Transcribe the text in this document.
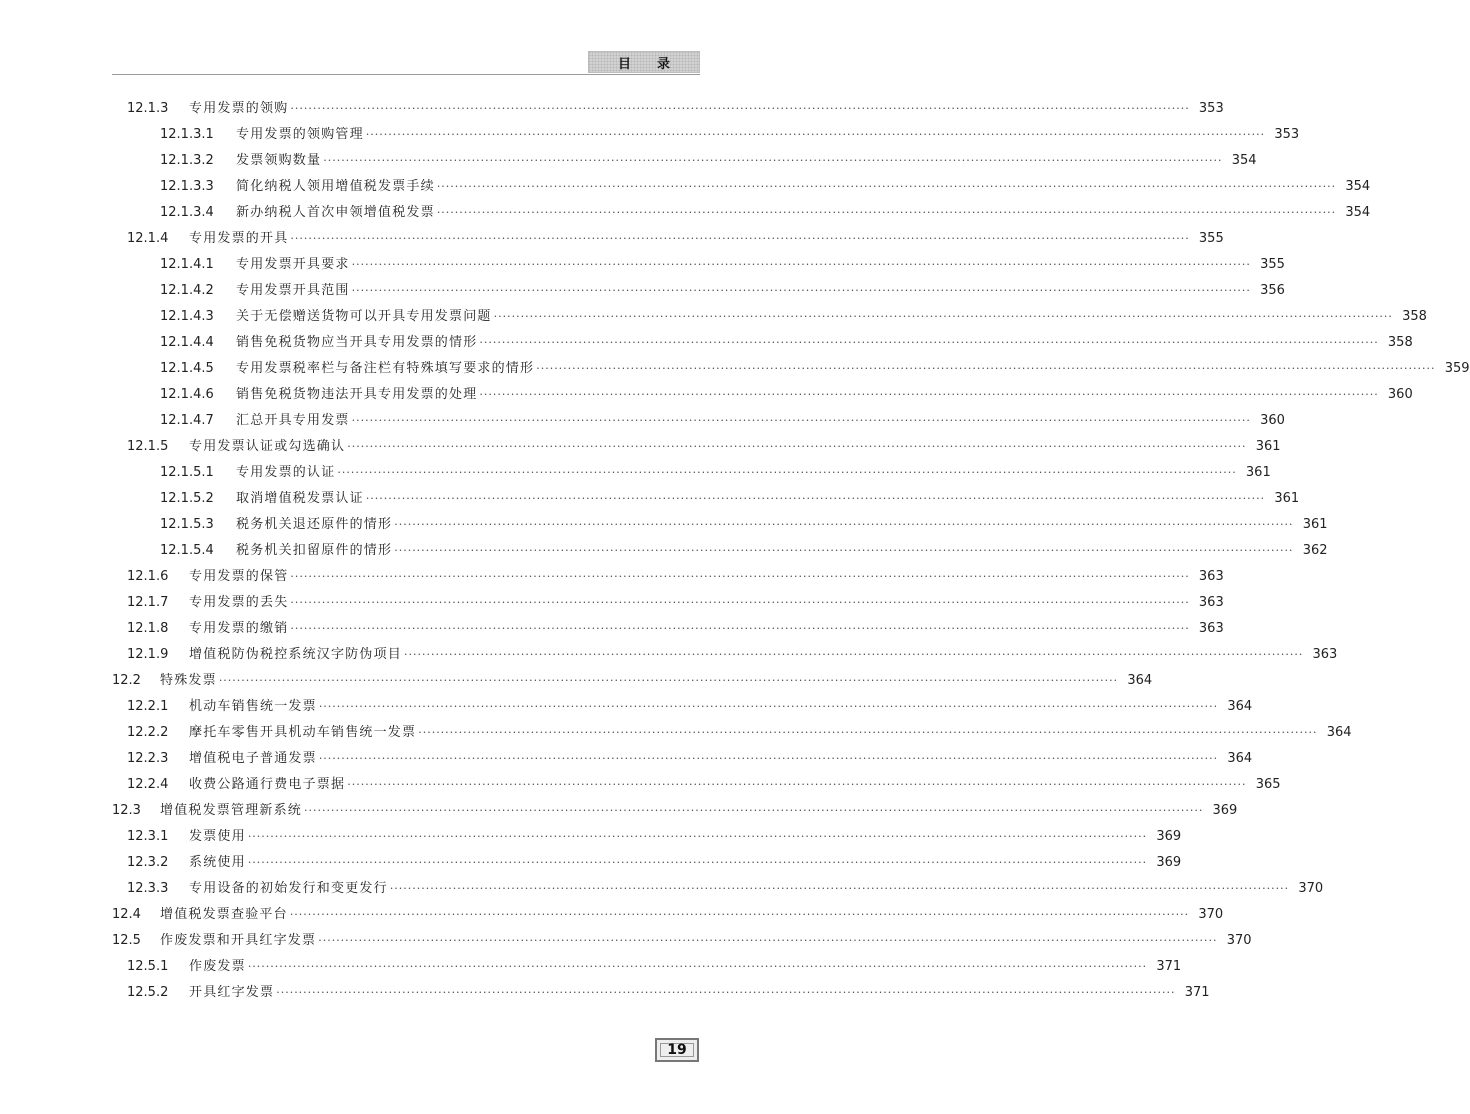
目录
12.1.3	专用发票的领购 ········································································································································································································ 353
12.1.3.1	专用发票的领购管理 ········································································································································································································ 353
12.1.3.2	发票领购数量 ········································································································································································································ 354
12.1.3.3	简化纳税人领用增值税发票手续 ········································································································································································································ 354
12.1.3.4	新办纳税人首次申领增值税发票 ········································································································································································································ 354
12.1.4	专用发票的开具 ········································································································································································································ 355
12.1.4.1	专用发票开具要求 ········································································································································································································ 355
12.1.4.2	专用发票开具范围 ········································································································································································································ 356
12.1.4.3	关于无偿赠送货物可以开具专用发票问题 ········································································································································································································ 358
12.1.4.4	销售免税货物应当开具专用发票的情形 ········································································································································································································ 358
12.1.4.5	专用发票税率栏与备注栏有特殊填写要求的情形 ········································································································································································································ 359
12.1.4.6	销售免税货物违法开具专用发票的处理 ········································································································································································································ 360
12.1.4.7	汇总开具专用发票 ········································································································································································································ 360
12.1.5	专用发票认证或勾选确认 ········································································································································································································ 361
12.1.5.1	专用发票的认证 ········································································································································································································ 361
12.1.5.2	取消增值税发票认证 ········································································································································································································ 361
12.1.5.3	税务机关退还原件的情形 ········································································································································································································ 361
12.1.5.4	税务机关扣留原件的情形 ········································································································································································································ 362
12.1.6	专用发票的保管 ········································································································································································································ 363
12.1.7	专用发票的丢失 ········································································································································································································ 363
12.1.8	专用发票的缴销 ········································································································································································································ 363
12.1.9	增值税防伪税控系统汉字防伪项目 ········································································································································································································ 363
12.2	特殊发票 ········································································································································································································ 364
12.2.1	机动车销售统一发票 ········································································································································································································ 364
12.2.2	摩托车零售开具机动车销售统一发票 ········································································································································································································ 364
12.2.3	增值税电子普通发票 ········································································································································································································ 364
12.2.4	收费公路通行费电子票据 ········································································································································································································ 365
12.3	增值税发票管理新系统 ········································································································································································································ 369
12.3.1	发票使用 ········································································································································································································ 369
12.3.2	系统使用 ········································································································································································································ 369
12.3.3	专用设备的初始发行和变更发行 ········································································································································································································ 370
12.4	增值税发票查验平台 ········································································································································································································ 370
12.5	作废发票和开具红字发票 ········································································································································································································ 370
12.5.1	作废发票 ········································································································································································································ 371
12.5.2	开具红字发票 ········································································································································································································ 371
19
